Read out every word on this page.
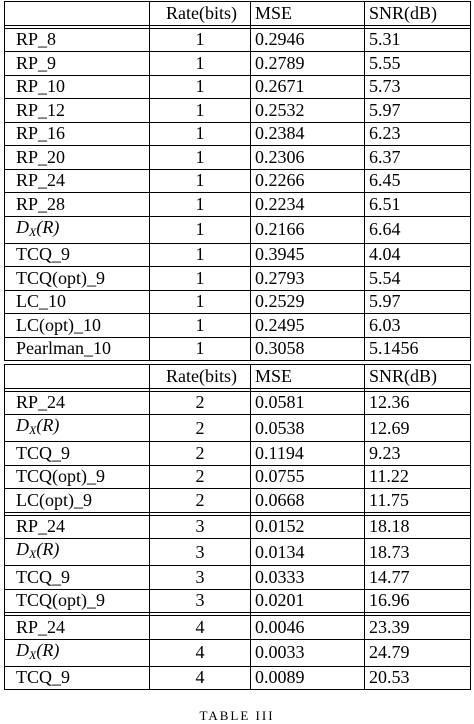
	Rate(bits)	MSE	SNR(dB)

RP_8	1	0.2946	5.31
RP_9	1	0.2789	5.55
RP_10	1	0.2671	5.73
RP_12	1	0.2532	5.97
RP_16	1	0.2384	6.23
RP_20	1	0.2306	6.37
RP_24	1	0.2266	6.45
RP_28	1	0.2234	6.51
$D_X(R)$	1	0.2166	6.64
TCQ_9	1	0.3945	4.04
TCQ(opt)_9	1	0.2793	5.54
LC_10	1	0.2529	5.97
LC(opt)_10	1	0.2495	6.03
Pearlman_10	1	0.3058	5.1456

	Rate(bits)	MSE	SNR(dB)

RP_24	2	0.0581	12.36
$D_X(R)$	2	0.0538	12.69
TCQ_9	2	0.1194	9.23
TCQ(opt)_9	2	0.0755	11.22
LC(opt)_9	2	0.0668	11.75

RP_24	3	0.0152	18.18
$D_X(R)$	3	0.0134	18.73
TCQ_9	3	0.0333	14.77
TCQ(opt)_9	3	0.0201	16.96

RP_24	4	0.0046	23.39
$D_X(R)$	4	0.0033	24.79
TCQ_9	4	0.0089	20.53
TABLE III
